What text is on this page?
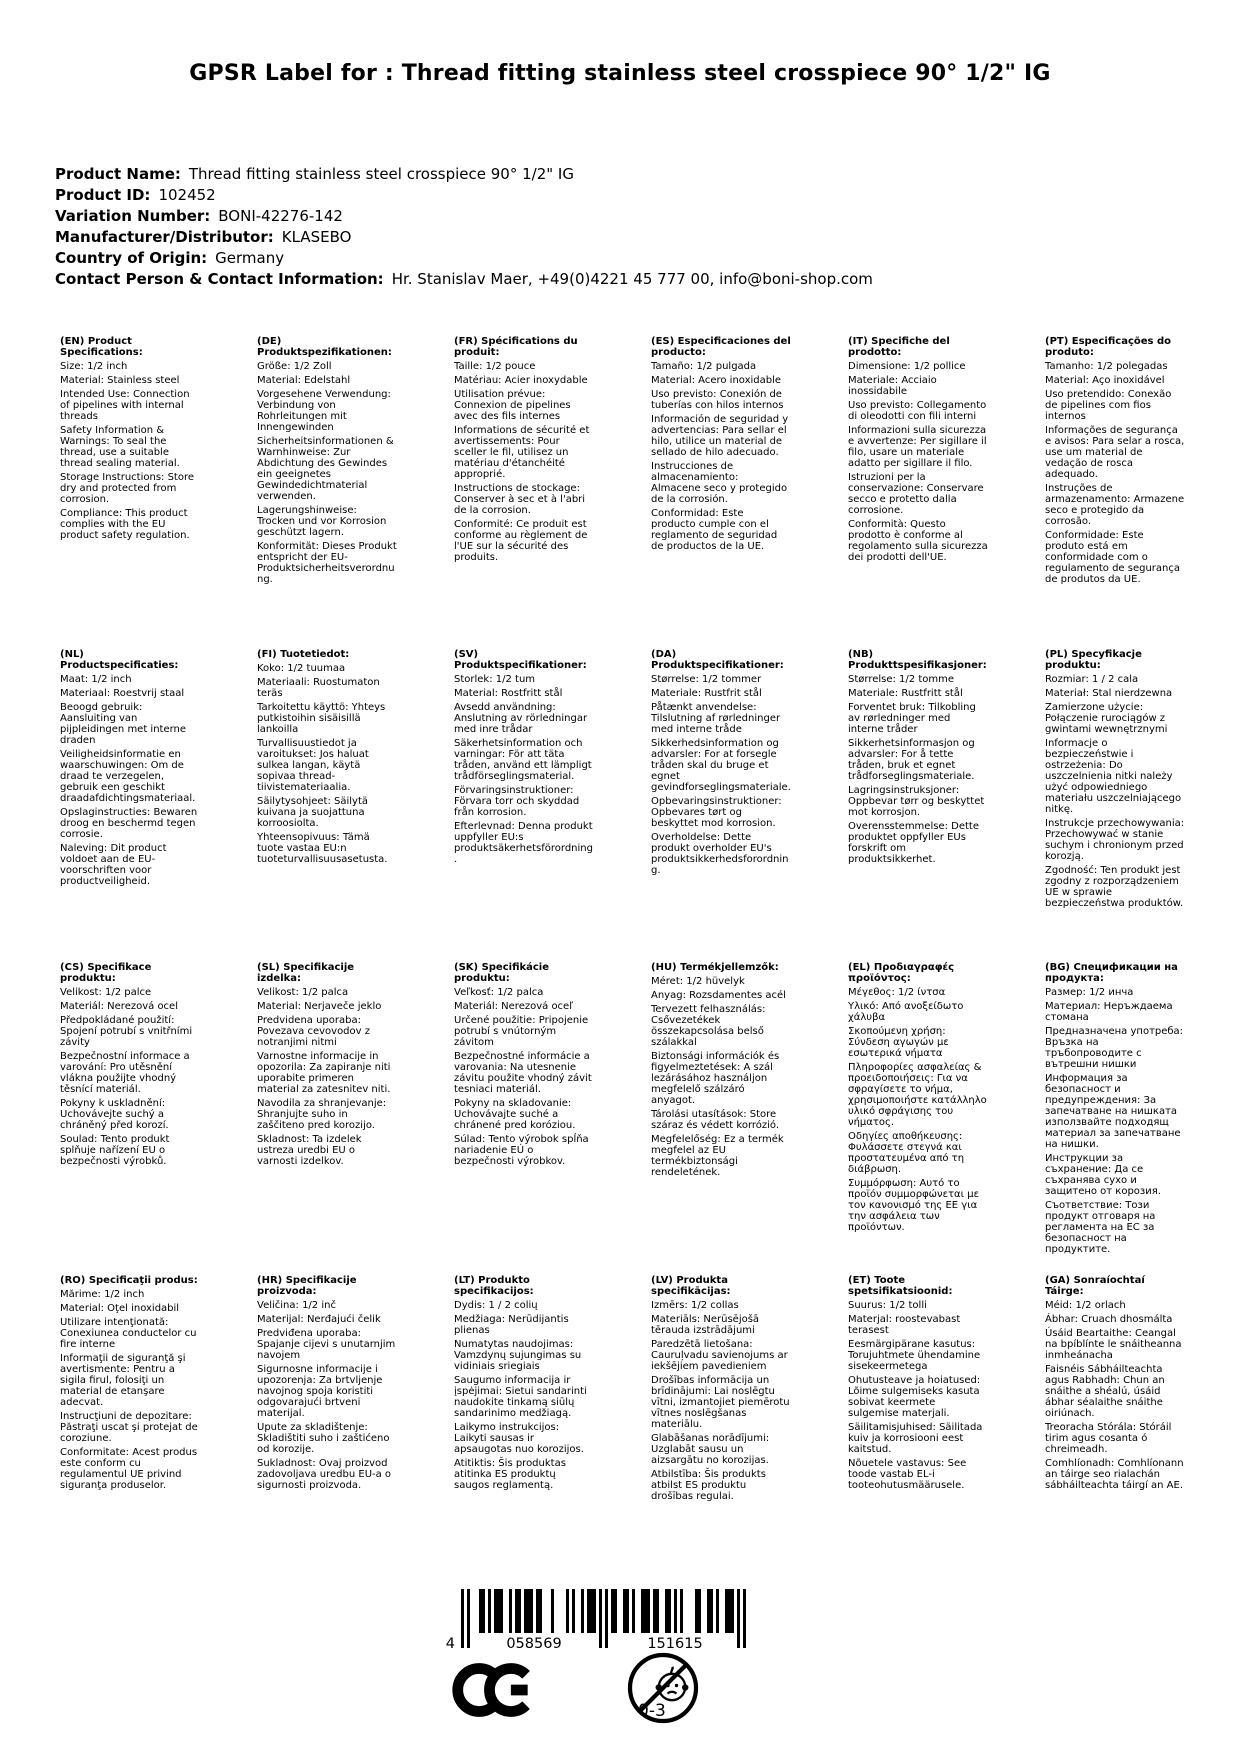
GPSR Label for : Thread fitting stainless steel crosspiece 90° 1/2" IG
Product Name: Thread fitting stainless steel crosspiece 90° 1/2" IG
Product ID: 102452
Variation Number: BONI-42276-142
Manufacturer/Distributor: KLASEBO
Country of Origin: Germany
Contact Person & Contact Information: Hr. Stanislav Maer, +49(0)4221 45 777 00, info@boni-shop.com
(EN) Product Specifications:

Size: 1/2 inch

Material: Stainless steel

Intended Use: Connection of pipelines with internal threads

Safety Information & Warnings: To seal the thread, use a suitable thread sealing material.

Storage Instructions: Store dry and protected from corrosion.

Compliance: This product complies with the EU product safety regulation.

(DE) Produktspezifikationen:

Größe: 1/2 Zoll

Material: Edelstahl

Vorgesehene Verwendung: Verbindung von Rohrleitungen mit Innengewinden

Sicherheitsinformationen & Warnhinweise: Zur Abdichtung des Gewindes ein geeignetes Gewindedichtmaterial verwenden.

Lagerungshinweise: Trocken und vor Korrosion geschützt lagern.

Konformität: Dieses Produkt entspricht der EU-Produktsicherheitsverordnung.

(FR) Spécifications du produit:

Taille: 1/2 pouce

Matériau: Acier inoxydable

Utilisation prévue: Connexion de pipelines avec des fils internes

Informations de sécurité et avertissements: Pour sceller le fil, utilisez un matériau d'étanchéité approprié.

Instructions de stockage: Conserver à sec et à l'abri de la corrosion.

Conformité: Ce produit est conforme au règlement de l'UE sur la sécurité des produits.

(ES) Especificaciones del producto:

Tamaño: 1/2 pulgada

Material: Acero inoxidable

Uso previsto: Conexión de tuberías con hilos internos

Información de seguridad y advertencias: Para sellar el hilo, utilice un material de sellado de hilo adecuado.

Instrucciones de almacenamiento: Almacene seco y protegido de la corrosión.

Conformidad: Este producto cumple con el reglamento de seguridad de productos de la UE.

(IT) Specifiche del prodotto:

Dimensione: 1/2 pollice

Materiale: Acciaio inossidabile

Uso previsto: Collegamento di oleodotti con fili interni

Informazioni sulla sicurezza e avvertenze: Per sigillare il filo, usare un materiale adatto per sigillare il filo.

Istruzioni per la conservazione: Conservare secco e protetto dalla corrosione.

Conformità: Questo prodotto è conforme al regolamento sulla sicurezza dei prodotti dell'UE.

(PT) Especificações do produto:

Tamanho: 1/2 polegadas

Material: Aço inoxidável

Uso pretendido: Conexão de pipelines com fios internos

Informações de segurança e avisos: Para selar a rosca, use um material de vedação de rosca adequado.

Instruções de armazenamento: Armazene seco e protegido da corrosão.

Conformidade: Este produto está em conformidade com o regulamento de segurança de produtos da UE.

(NL) Productspecificaties:

Maat: 1/2 inch

Materiaal: Roestvrij staal

Beoogd gebruik: Aansluiting van pijpleidingen met interne draden

Veiligheidsinformatie en waarschuwingen: Om de draad te verzegelen, gebruik een geschikt draadafdichtingsmateriaal.

Opslaginstructies: Bewaren droog en beschermd tegen corrosie.

Naleving: Dit product voldoet aan de EU-voorschriften voor productveiligheid.

(FI) Tuotetiedot:

Koko: 1/2 tuumaa

Materiaali: Ruostumaton teräs

Tarkoitettu käyttö: Yhteys putkistoihin sisäisillä lankoilla

Turvallisuustiedot ja varoitukset: Jos haluat sulkea langan, käytä sopivaa thread-tiivistemateriaalia.

Säilytysohjeet: Säilytä kuivana ja suojattuna korroosiolta.

Yhteensopivuus: Tämä tuote vastaa EU:n tuoteturvallisuusasetusta.

(SV) Produktspecifikationer:

Storlek: 1/2 tum

Material: Rostfritt stål

Avsedd användning: Anslutning av rörledningar med inre trådar

Säkerhetsinformation och varningar: För att täta tråden, använd ett lämpligt trådförseglingsmaterial.

Förvaringsinstruktioner: Förvara torr och skyddad från korrosion.

Efterlevnad: Denna produkt uppfyller EU:s produktsäkerhetsförordning.

(DA) Produktspecifikationer:

Størrelse: 1/2 tommer

Materiale: Rustfrit stål

Påtænkt anvendelse: Tilslutning af rørledninger med interne tråde

Sikkerhedsinformation og advarsler: For at forsegle tråden skal du bruge et egnet gevindforseglingsmateriale.

Opbevaringsinstruktioner: Opbevares tørt og beskyttet mod korrosion.

Overholdelse: Dette produkt overholder EU's produktsikkerhedsforordning.

(NB) Produkttspesifikasjoner:

Størrelse: 1/2 tomme

Materiale: Rustfritt stål

Forventet bruk: Tilkobling av rørledninger med interne tråder

Sikkerhetsinformasjon og advarsler: For å tette tråden, bruk et egnet trådforseglingsmateriale.

Lagringsinstruksjoner: Oppbevar tørr og beskyttet mot korrosjon.

Overensstemmelse: Dette produktet oppfyller EUs forskrift om produktsikkerhet.

(PL) Specyfikacje produktu:

Rozmiar: 1 / 2 cala

Materiał: Stal nierdzewna

Zamierzone użycie: Połączenie rurociągów z gwintami wewnętrznymi

Informacje o bezpieczeństwie i ostrzeżenia: Do uszczelnienia nitki należy użyć odpowiedniego materiału uszczelniającego nitkę.

Instrukcje przechowywania: Przechowywać w stanie suchym i chronionym przed korozją.

Zgodność: Ten produkt jest zgodny z rozporządzeniem UE w sprawie bezpieczeństwa produktów.

(CS) Specifikace produktu:

Velikost: 1/2 palce

Materiál: Nerezová ocel

Předpokládané použití: Spojení potrubí s vnitřními závity

Bezpečnostní informace a varování: Pro utěsnění vlákna použijte vhodný těsnící materiál.

Pokyny k uskladnění: Uchovávejte suchý a chráněný před korozí.

Soulad: Tento produkt splňuje nařízení EU o bezpečnosti výrobků.

(SL) Specifikacije izdelka:

Velikost: 1/2 palca

Material: Nerjaveče jeklo

Predvidena uporaba: Povezava cevovodov z notranjimi nitmi

Varnostne informacije in opozorila: Za zapiranje niti uporabite primeren material za zatesnitev niti.

Navodila za shranjevanje: Shranjujte suho in zaščiteno pred korozijo.

Skladnost: Ta izdelek ustreza uredbi EU o varnosti izdelkov.

(SK) Špecifikácie produktu:

Veľkosť: 1/2 palca

Materiál: Nerezová oceľ

Určené použitie: Pripojenie potrubí s vnútorným závitom

Bezpečnostné informácie a varovania: Na utesnenie závitu použite vhodný závit tesniaci materiál.

Pokyny na skladovanie: Uchovávajte suché a chránené pred koróziou.

Súlad: Tento výrobok spĺňa nariadenie EÚ o bezpečnosti výrobkov.

(HU) Termékjellemzők:

Méret: 1/2 hüvelyk

Anyag: Rozsdamentes acél

Tervezett felhasználás: Csővezetékek összekapcsolása belső szálakkal

Biztonsági információk és figyelmeztetések: A szál lezárásához használjon megfelelő szálzáró anyagot.

Tárolási utasítások: Store száraz és védett korrózió.

Megfelelőség: Ez a termék megfelel az EU termékbiztonsági rendeletének.

(EL) Προδιαγραφές προϊόντος:

Μέγεθος: 1/2 ίντσα

Υλικό: Από ανοξείδωτο χάλυβα

Σκοπούμενη χρήση: Σύνδεση αγωγών με εσωτερικά νήματα

Πληροφορίες ασφαλείας & προειδοποιήσεις: Για να σφραγίσετε το νήμα, χρησιμοποιήστε κατάλληλο υλικό σφράγισης του νήματος.

Οδηγίες αποθήκευσης: Φυλάσσετε στεγνά και προστατευμένα από τη διάβρωση.

Συμμόρφωση: Αυτό το προϊόν συμμορφώνεται με τον κανονισμό της ΕΕ για την ασφάλεια των προϊόντων.

(BG) Спецификации на продукта:

Размер: 1/2 инча

Материал: Неръждаема стомана

Предназначена употреба: Връзка на тръбопроводите с вътрешни нишки

Информация за безопасност и предупреждения: За запечатване на нишката използвайте подходящ материал за запечатване на нишки.

Инструкции за съхранение: Да се съхранява сухо и защитено от корозия.

Съответствие: Този продукт отговаря на регламента на ЕС за безопасност на продуктите.

(RO) Specificaţii produs:

Mărime: 1/2 inch

Material: Oţel inoxidabil

Utilizare intenţionată: Conexiunea conductelor cu fire interne

Informaţii de siguranţă şi avertismente: Pentru a sigila firul, folosiţi un material de etanşare adecvat.

Instrucţiuni de depozitare: Păstraţi uscat şi protejat de coroziune.

Conformitate: Acest produs este conform cu regulamentul UE privind siguranţa produselor.

(HR) Specifikacije proizvoda:

Veličina: 1/2 inč

Materijal: Nerđajući čelik

Predviđena uporaba: Spajanje cijevi s unutarnjim navojem

Sigurnosne informacije i upozorenja: Za brtvljenje navojnog spoja koristiti odgovarajući brtveni materijal.

Upute za skladištenje: Skladištiti suho i zaštićeno od korozije.

Sukladnost: Ovaj proizvod zadovoljava uredbu EU-a o sigurnosti proizvoda.

(LT) Produkto specifikacijos:

Dydis: 1 / 2 colių

Medžiaga: Nerūdijantis plienas

Numatytas naudojimas: Vamzdynų sujungimas su vidiniais sriegiais

Saugumo informacija ir įspėjimai: Sietui sandarinti naudokite tinkamą siūlų sandarinimo medžiagą.

Laikymo instrukcijos: Laikyti sausas ir apsaugotas nuo korozijos.

Atitiktis: Šis produktas atitinka ES produktų saugos reglamentą.

(LV) Produkta specifikācijas:

Izmērs: 1/2 collas

Materiāls: Nerūsējošā tērauda izstrādājumi

Paredzētā lietošana: Cauruļvadu savienojums ar iekšējiem pavedieniem

Drošības informācija un brīdinājumi: Lai noslēgtu vītni, izmantojiet piemērotu vītnes noslēgšanas materiālu.

Glabāšanas norādījumi: Uzglabāt sausu un aizsargātu no korozijas.

Atbilstība: Šis produkts atbilst ES produktu drošības regulai.

(ET) Toote spetsifikatsioonid:

Suurus: 1/2 tolli

Materjal: roostevabast terasest

Eesmärgipärane kasutus: Torujuhtmete ühendamine sisekeermetega

Ohutusteave ja hoiatused: Lõime sulgemiseks kasuta sobivat keermete sulgemise materjali.

Säilitamisjuhised: Säilitada kuiv ja korrosiooni eest kaitstud.

Nõuetele vastavus: See toode vastab EL-i tooteohutusmäärusele.

(GA) Sonraíochtaí Táirge:

Méid: 1/2 orlach

Ábhar: Cruach dhosmálta

Úsáid Beartaithe: Ceangal na bpíblínte le snáitheanna inmheánacha

Faisnéis Sábháilteachta agus Rabhadh: Chun an snáithe a shéalú, úsáid ábhar séalaithe snáithe oiriúnach.

Treoracha Stórála: Stóráil tirim agus cosanta ó chreimeadh.

Comhlíonadh: Comhlíonann an táirge seo rialachán sábháilteachta táirgí an AE.

4	058569	151615
0-3
